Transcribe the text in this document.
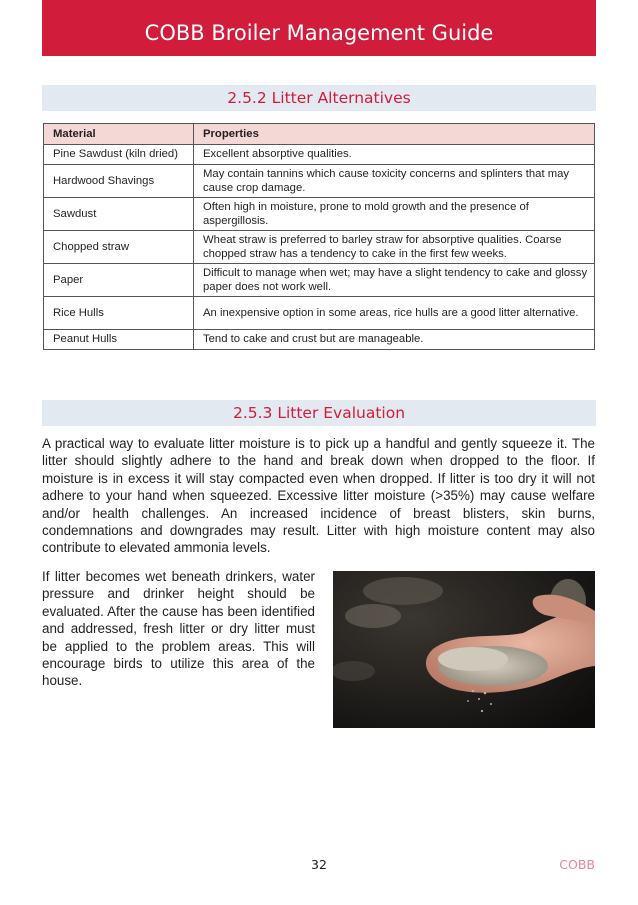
COBB Broiler Management Guide
2.5.2 Litter Alternatives
Material	Properties
Pine Sawdust (kiln dried)	Excellent absorptive qualities.
Hardwood Shavings	May contain tannins which cause toxicity concerns and splinters that may cause crop damage.
Sawdust	Often high in moisture, prone to mold growth and the presence of aspergillosis.
Chopped straw	Wheat straw is preferred to barley straw for absorptive qualities. Coarse chopped straw has a tendency to cake in the first few weeks.
Paper	Difficult to manage when wet; may have a slight tendency to cake and glossy paper does not work well.
Rice Hulls	An inexpensive option in some areas, rice hulls are a good litter alternative.
Peanut Hulls	Tend to cake and crust but are manageable.
2.5.3 Litter Evaluation

A practical way to evaluate litter moisture is to pick up a handful and gently squeeze it. The litter should slightly adhere to the hand and break down when dropped to the floor. If moisture is in excess it will stay compacted even when dropped. If litter is too dry it will not adhere to your hand when squeezed. Excessive litter moisture (>35%) may cause welfare and/or health challenges. An increased incidence of breast blisters, skin burns, condemnations and downgrades may result. Litter with high moisture content may also contribute to elevated ammonia levels.

If litter becomes wet beneath drinkers, water pressure and drinker height should be evaluated. After the cause has been identified and addressed, fresh litter or dry litter must be applied to the problem areas. This will encourage birds to utilize this area of the house.

32	COBB
